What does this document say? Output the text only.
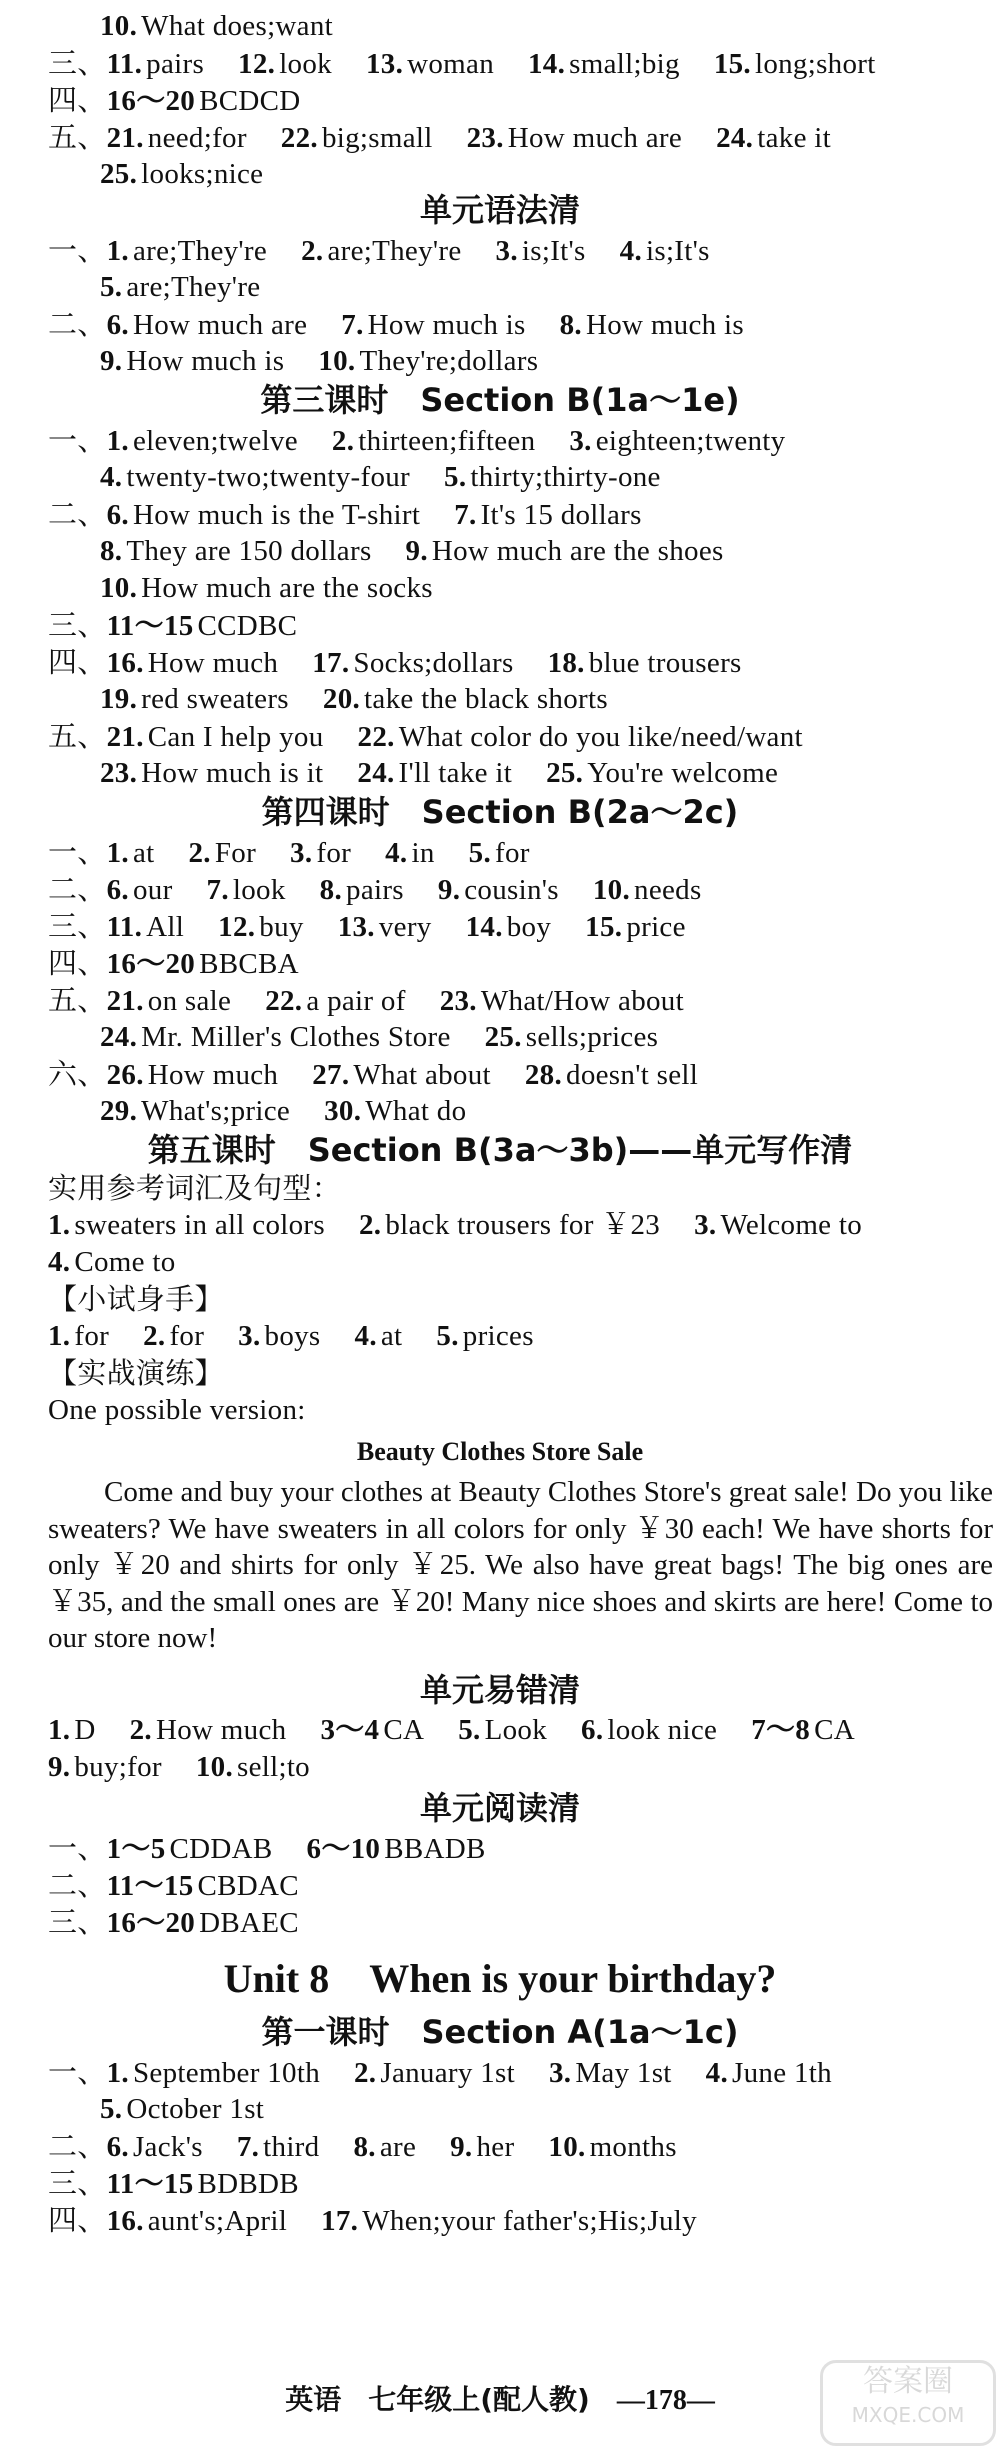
10. What does;want
三、11. pairs 12. look 13. woman 14. small;big 15. long;short
四、16～20 BCDCD
五、21. need;for 22. big;small 23. How much are 24. take it
25. looks;nice
单元语法清
一、1. are;They're 2. are;They're 3. is;It's 4. is;It's
5. are;They're
二、6. How much are 7. How much is 8. How much is
9. How much is 10. They're;dollars
第三课时　Section B(1a～1e)
一、1. eleven;twelve 2. thirteen;fifteen 3. eighteen;twenty
4. twenty-two;twenty-four 5. thirty;thirty-one
二、6. How much is the T-shirt 7. It's 15 dollars
8. They are 150 dollars 9. How much are the shoes
10. How much are the socks
三、11～15 CCDBC
四、16. How much 17. Socks;dollars 18. blue trousers
19. red sweaters 20. take the black shorts
五、21. Can I help you 22. What color do you like/need/want
23. How much is it 24. I'll take it 25. You're welcome
第四课时　Section B(2a～2c)
一、1. at 2. For 3. for 4. in 5. for
二、6. our 7. look 8. pairs 9. cousin's 10. needs
三、11. All 12. buy 13. very 14. boy 15. price
四、16～20 BBCBA
五、21. on sale 22. a pair of 23. What/How about
24. Mr. Miller's Clothes Store 25. sells;prices
六、26. How much 27. What about 28. doesn't sell
29. What's;price 30. What do
第五课时　Section B(3a～3b)——单元写作清
实用参考词汇及句型：
1. sweaters in all colors 2. black trousers for ￥23 3. Welcome to
4. Come to
【小试身手】
1. for 2. for 3. boys 4. at 5. prices
【实战演练】
One possible version:
Beauty Clothes Store Sale
Come and buy your clothes at Beauty Clothes Store's great sale! Do you like sweaters? We have sweaters in all colors for only ￥30 each! We have shorts for only ￥20 and shirts for only ￥25. We also have great bags! The big ones are ￥35, and the small ones are ￥20! Many nice shoes and skirts are here! Come to our store now!
单元易错清
1. D 2. How much 3～4 CA 5. Look 6. look nice 7～8 CA
9. buy;for 10. sell;to
单元阅读清
一、1～5 CDDAB 6～10 BBADB
二、11～15 CBDAC
三、16～20 DBAEC
Unit 8　When is your birthday?
第一课时　Section A(1a～1c)
一、1. September 10th 2. January 1st 3. May 1st 4. June 1th
5. October 1st
二、6. Jack's 7. third 8. are 9. her 10. months
三、11～15 BDBDB
四、16. aunt's;April 17. When;your father's;His;July
英语 七年级上(配人教) —178—
答案圈
MXQE.COM
